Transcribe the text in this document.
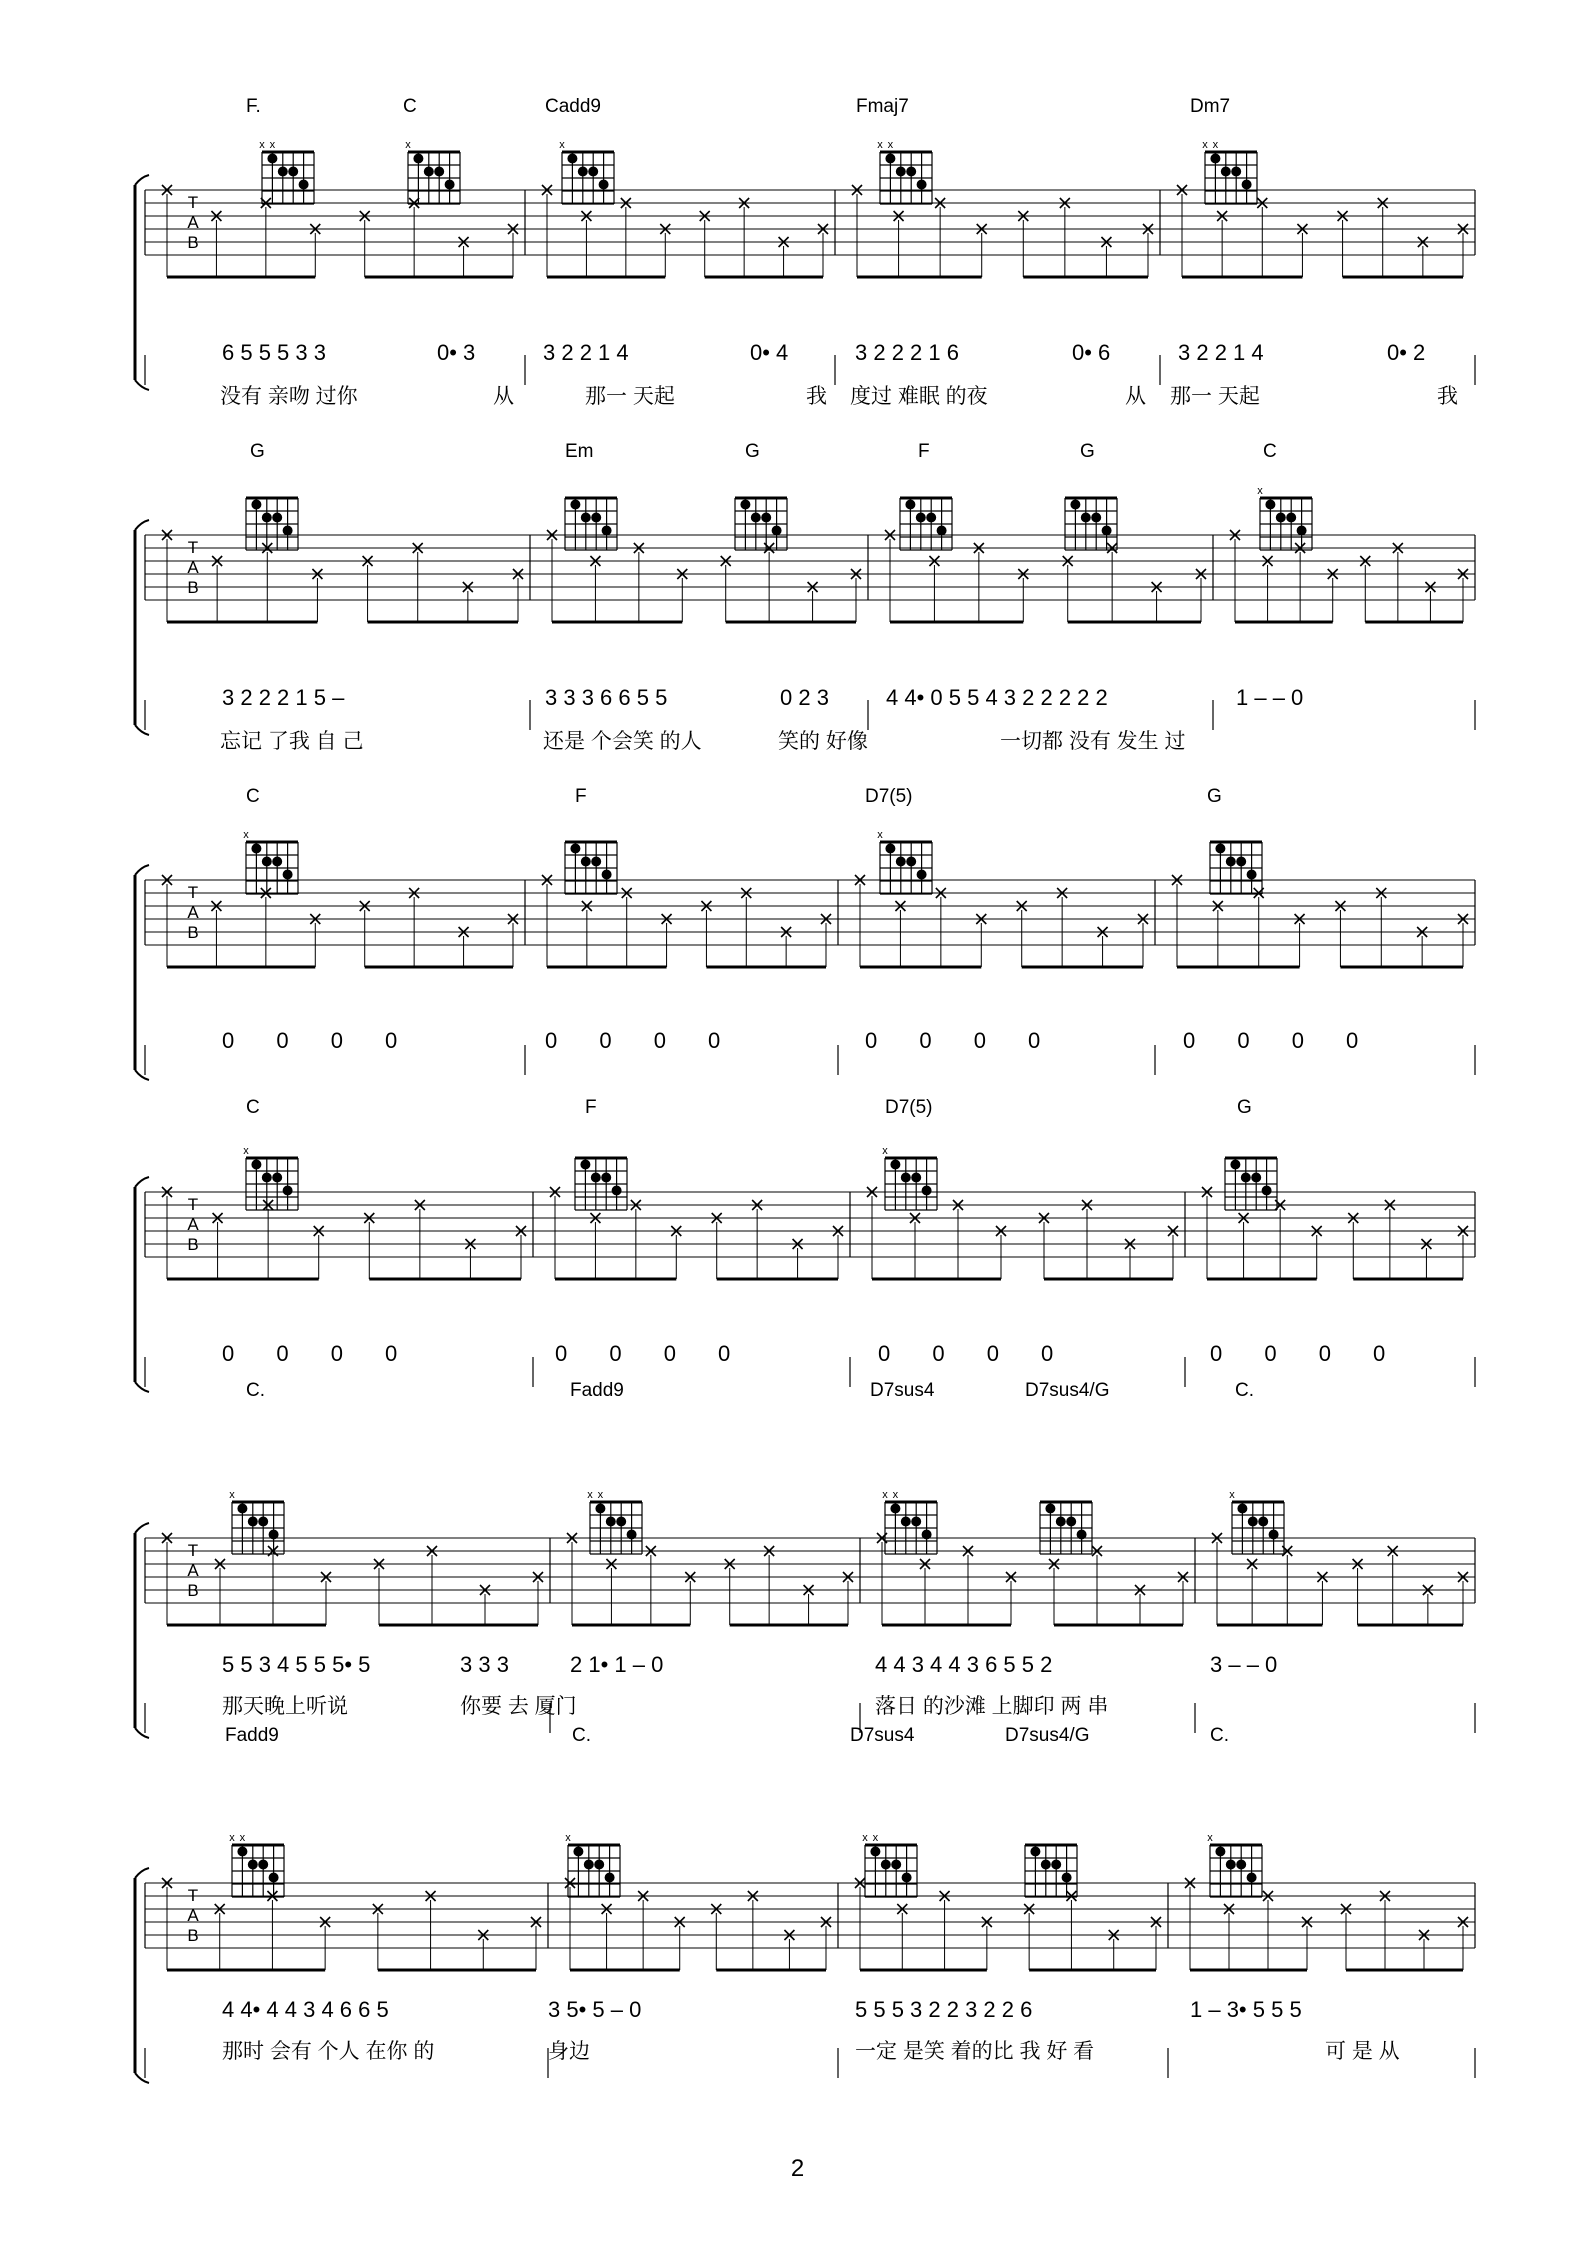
T
A
B
x x	x	x	x x	x x
T
A
B
x
T
A
B
x	x
T
A
B
x	x
T
A
B
x	x x	x x	x
T
A
B
x x	x	x x	x
F.	C	Cadd9	Fmaj7	Dm7
6 5 5 5 3 3	0• 3	3 2 2 1 4	0• 4	3 2 2 2 1 6	0• 6	3 2 2 1 4	0• 2
没有 亲吻 过你	从	那一 天起	我 度过 难眠 的夜	从 那一 天起	我
G	Em	G	F	G	C
3 2 2 2 1 5 –	3 3 3 6 6 5 5	0 2 3	4 4• 0 5 5 4 3 2 2 2 2 2	1 – – 0
忘记 了我 自 己	还是 个会笑 的人	笑的 好像	一切都 没有 发生 过
C	F	D7(5)	G
0 0 0 0	0 0 0 0	0 0 0 0	0 0 0 0
C	F	D7(5)	G
0 0 0 0	0 0 0 0	0 0 0 0	0 0 0 0
C.	Fadd9	D7sus4	D7sus4/G	C.
5 5 3 4 5 5 5• 5	3 3 3	2 1• 1 – 0	4 4 3 4 4 3 6 5 5 2	3 – – 0
那天晚上听说	你要 去 厦门	落日 的沙滩 上脚印 两 串
Fadd9	C.	D7sus4	D7sus4/G	C.
4 4• 4 4 3 4 6 6 5	3 5• 5 – 0	5 5 5 3 2 2 3 2 2 6	1 – 3• 5 5 5
那时 会有 个人 在你 的	身边	一定 是笑 着的比 我 好 看	可 是 从
2
